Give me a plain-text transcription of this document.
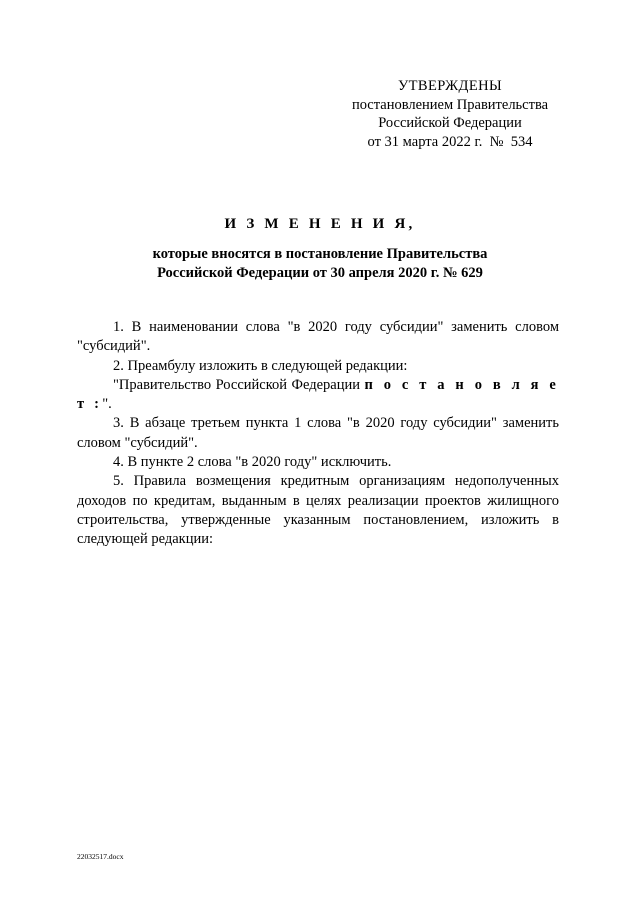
УТВЕРЖДЕНЫ
постановлением Правительства
Российской Федерации
от 31 марта 2022 г.  №  534
И З М Е Н Е Н И Я,
которые вносятся в постановление Правительства
Российской Федерации от 30 апреля 2020 г. № 629

1. В наименовании слова "в 2020 году субсидии" заменить словом "субсидий".

2. Преамбулу изложить в следующей редакции:

"Правительство Российской Федерации п о с т а н о в л я е т :".

3. В абзаце третьем пункта 1 слова "в 2020 году субсидии" заменить словом "субсидий".

4. В пункте 2 слова "в 2020 году" исключить.

5. Правила возмещения кредитным организациям недополученных доходов по кредитам, выданным в целях реализации проектов жилищного строительства, утвержденные указанным постановлением, изложить в следующей редакции:

22032517.docx
